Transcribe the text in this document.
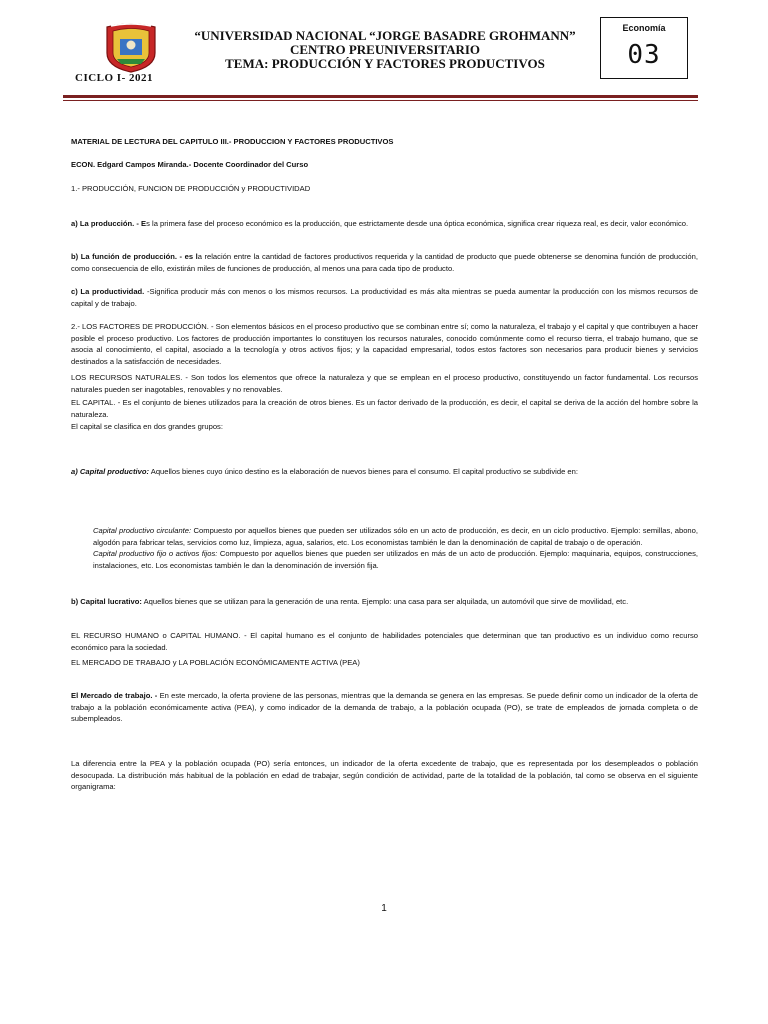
CICLO I- 2021
“UNIVERSIDAD NACIONAL “JORGE BASADRE GROHMANN”
CENTRO PREUNIVERSITARIO
TEMA: PRODUCCIÓN Y FACTORES PRODUCTIVOS
Economía
03
MATERIAL DE LECTURA DEL CAPITULO III.- PRODUCCION Y FACTORES PRODUCTIVOS
ECON. Edgard Campos Miranda.- Docente Coordinador del Curso
1.- PRODUCCIÓN, FUNCION DE PRODUCCIÓN y PRODUCTIVIDAD
a) La producción. - Es la primera fase del proceso económico es la producción, que estrictamente desde una óptica económica, significa crear riqueza real, es decir, valor económico.
b) La función de producción. - es la relación entre la cantidad de factores productivos requerida y la cantidad de producto que puede obtenerse se denomina función de producción, como consecuencia de ello, existirán miles de funciones de producción, al menos una para cada tipo de producto.
c) La productividad. -Significa producir más con menos o los mismos recursos. La productividad es más alta mientras se pueda aumentar la producción con los mismos recursos de capital y de trabajo.
2.- LOS FACTORES DE PRODUCCIÓN. - Son elementos básicos en el proceso productivo que se combinan entre sí; como la naturaleza, el trabajo y el capital y que contribuyen a hacer posible el proceso productivo. Los factores de producción importantes lo constituyen los recursos naturales, conocido comúnmente como el recurso tierra, el trabajo humano, que se asocia al conocimiento, el capital, asociado a la tecnología y otros activos fijos; y la capacidad empresarial, todos estos factores son necesarios para producir bienes y servicios destinados a la satisfacción de necesidades.
LOS RECURSOS NATURALES. - Son todos los elementos que ofrece la naturaleza y que se emplean en el proceso productivo, constituyendo un factor fundamental. Los recursos naturales pueden ser inagotables, renovables y no renovables.
EL CAPITAL. - Es el conjunto de bienes utilizados para la creación de otros bienes. Es un factor derivado de la producción, es decir, el capital se deriva de la acción del hombre sobre la naturaleza.
El capital se clasifica en dos grandes grupos:
a) Capital productivo: Aquellos bienes cuyo único destino es la elaboración de nuevos bienes para el consumo. El capital productivo se subdivide en:
Capital productivo circulante: Compuesto por aquellos bienes que pueden ser utilizados sólo en un acto de producción, es decir, en un ciclo productivo. Ejemplo: semillas, abono, algodón para fabricar telas, servicios como luz, limpieza, agua, salarios, etc. Los economistas también le dan la denominación de capital de trabajo o de operación.
Capital productivo fijo o activos fijos: Compuesto por aquellos bienes que pueden ser utilizados en más de un acto de producción. Ejemplo: maquinaria, equipos, construcciones, instalaciones, etc. Los economistas también le dan la denominación de inversión fija.
b) Capital lucrativo: Aquellos bienes que se utilizan para la generación de una renta. Ejemplo: una casa para ser alquilada, un automóvil que sirve de movilidad, etc.
EL RECURSO HUMANO o CAPITAL HUMANO. - El capital humano es el conjunto de habilidades potenciales que determinan que tan productivo es un individuo como recurso económico para la sociedad.
EL MERCADO DE TRABAJO y LA POBLACIÓN ECONÓMICAMENTE ACTIVA (PEA)
El Mercado de trabajo. - En este mercado, la oferta proviene de las personas, mientras que la demanda se genera en las empresas. Se puede definir como un indicador de la oferta de trabajo a la población económicamente activa (PEA), y como indicador de la demanda de trabajo, a la población ocupada (PO), se trate de empleados de jornada completa o de subempleados.
La diferencia entre la PEA y la población ocupada (PO) sería entonces, un indicador de la oferta excedente de trabajo, que es representada por los desempleados o población desocupada. La distribución más habitual de la población en edad de trabajar, según condición de actividad, parte de la totalidad de la población, tal como se observa en el siguiente organigrama:
1
